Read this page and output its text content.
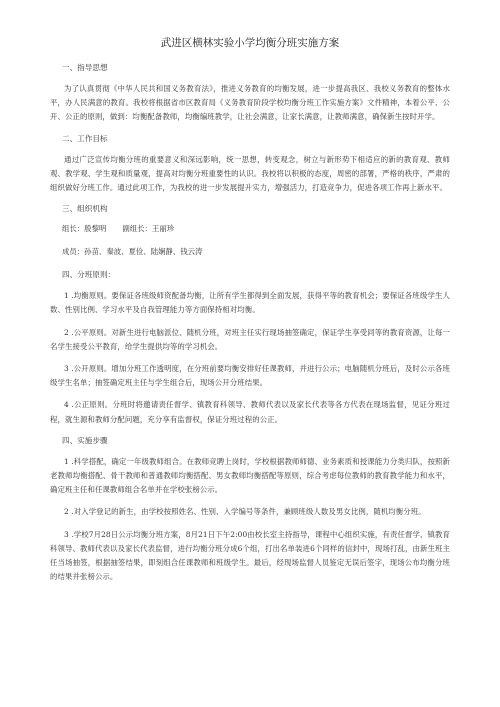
武进区横林实验小学均衡分班实施方案
一、指导思想

为了认真贯彻《中华人民共和国义务教育法》，推进义务教育的均衡发展，进一步提高我区、我校义务教育的整体水平，办人民满意的教育。我校将根据省市区教育局《义务教育阶段学校均衡分班工作实施方案》文件精神，本着公平、公开、公正的原则，做到：均衡配备教师，均衡编班教学，让社会满意，让家长满意，让教师满意，确保新生按时开学。

二、工作目标

通过广泛宣传均衡分班的重要意义和深远影响，统一思想，转变观念，树立与新形势下相适应的新的教育观、教师观、教学观、学生观和质量观，提高对均衡分班重要性的认识。我校将以积极的态度，周密的部署，严格的秩序，严肃的组织做好分班工作。通过此项工作，为我校的进一步发展提升实力，增强活力，打造竞争力，促进各项工作再上新水平。

三、组织机构
组长：殷黎明 副组长：王丽珍
成员：孙苗、秦波、夏俭、陆娴静、钱云涛
四、分班原则：

1 .均衡原则。要保证各班级师资配备均衡，让所有学生都得到全面发展，获得平等的教育机会；要保证各班级学生人数、性别比例、学习水平及自我管理能力等方面保持相对均衡。

2 .公平原则。对新生进行电脑派位、随机分班，对班主任实行现场抽签确定，保证学生享受同等的教育资源，让每一名学生接受公平教育，给学生提供均等的学习机会。

3 .公开原则。增加分班工作透明度，在分班前要均衡安排好任课教师，并进行公示；电脑随机分班后，及时公示各班级学生名单；抽签确定班主任与学生组合后，现场公开分班结果。

4 .公正原则。分班时将邀请责任督学、镇教育科领导、教师代表以及家长代表等各方代表在现场监督，见证分班过程，就生源和教师分配问题，充分享有监督权，保证分班过程的公正。

四、实施步骤

1 .科学搭配，确定一年级教师组合。在教师竞聘上岗时，学校根据教师师德、业务素质和授课能力分类归队，按照新老教师均衡搭配、骨干教师和普通教师均衡搭配、男女教师均衡搭配等原则，综合考虑每位教师的教育教学能力和水平，确定班主任和任课教师组合名单并在学校张榜公示。

2 .对入学登记的新生，由学校按照姓名、性别、入学编号等条件，兼顾班级人数及男女比例，随机均衡分班。

3 .学校7月28日公示均衡分班方案，8月21日下午2:00由校长室主持指导，课程中心组织实施，有责任督学、镇教育科领导、教师代表以及家长代表监督，进行均衡分班分成6个组，打出名单装进6个同样的信封中，现场打乱，由新生班主任当场抽签，根据抽签结果，即刻组合任课教师和班级学生。最后，经现场监督人员鉴定无误后签字，现场公布均衡分班的结果并张榜公示。
